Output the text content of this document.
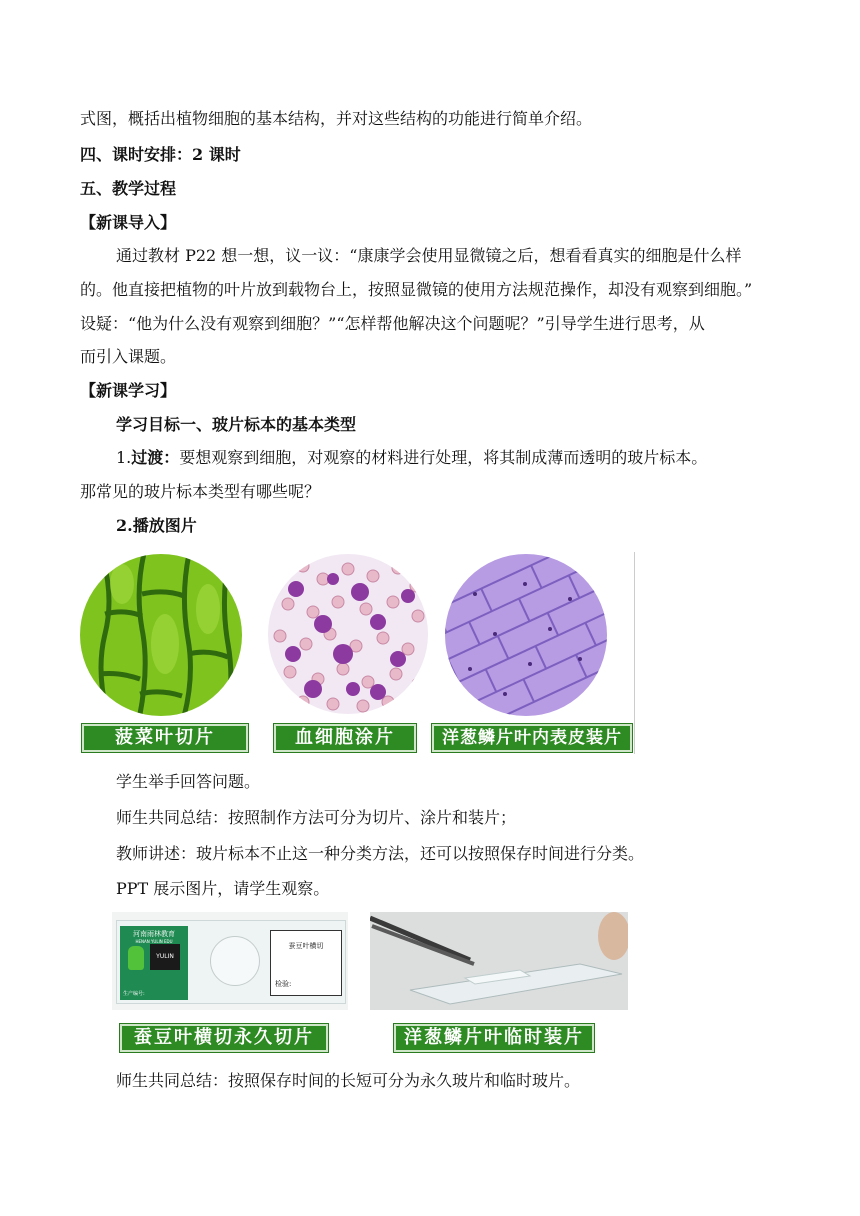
式图，概括出植物细胞的基本结构，并对这些结构的功能进行简单介绍。
四、课时安排：2 课时
五、教学过程
【新课导入】
通过教材 P22 想一想，议一议：“康康学会使用显微镜之后，想看看真实的细胞是什么样
的。他直接把植物的叶片放到载物台上，按照显微镜的使用方法规范操作，却没有观察到细胞。”
设疑：“他为什么没有观察到细胞？”“怎样帮他解决这个问题呢？”引导学生进行思考，从
而引入课题。
【新课学习】
学习目标一、玻片标本的基本类型
1.过渡：要想观察到细胞，对观察的材料进行处理，将其制成薄而透明的玻片标本。
那常见的玻片标本类型有哪些呢？
2.播放图片
菠菜叶切片	血细胞涂片	洋葱鳞片叶内表皮装片
学生举手回答问题。
师生共同总结：按照制作方法可分为切片、涂片和装片；
教师讲述：玻片标本不止这一种分类方法，还可以按照保存时间进行分类。
PPT 展示图片，请学生观察。
河南雨林教育
HENAN YULIN EDU
YULIN
生产编号:
蚕豆叶横切
检验:
蚕豆叶横切永久切片	洋葱鳞片叶临时装片
师生共同总结：按照保存时间的长短可分为永久玻片和临时玻片。
